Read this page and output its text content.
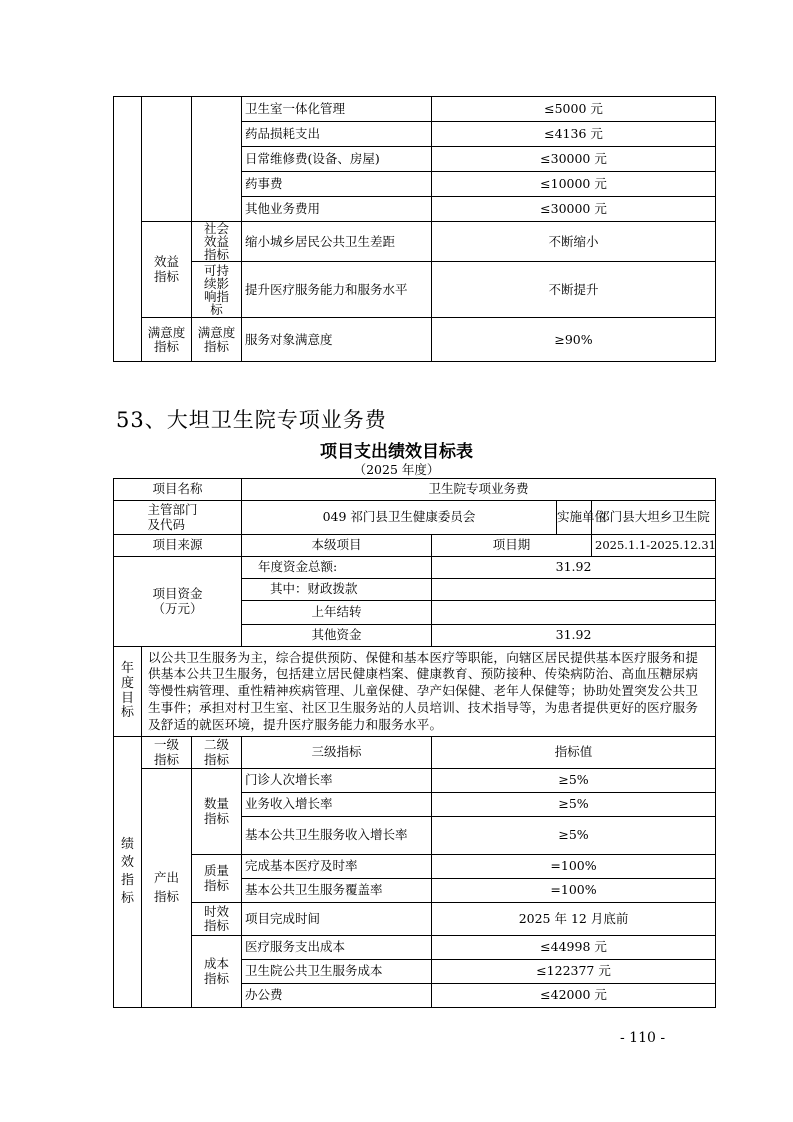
			卫生室一体化管理	≤5000 元
			药品损耗支出	≤4136 元
			日常维修费(设备、房屋)	≤30000 元
			药事费	≤10000 元
			其他业务费用	≤30000 元

	效益指标	社会效益指标	缩小城乡居民公共卫生差距	不断缩小

		可持续影响指标	提升医疗服务能力和服务水平	不断提升

	满意度指标	满意度指标	服务对象满意度	≥90%
53、大坦卫生院专项业务费
项目支出绩效目标表
（2025 年度）
项目名称			卫生院专项业务费			

主管部门及代码			049 祁门县卫生健康委员会		实施单位	祁门县大坦乡卫生院
项目来源			本级项目	项目期		2025.1.1-2025.12.31

项目资金（万元）			年度资金总额:	31.92		
			其中：财政拨款			
			上年结转			
			其他资金	31.92		

年度目标	以公共卫生服务为主，综合提供预防、保健和基本医疗等职能，向辖区居民提供基本医疗服务和提供基本公共卫生服务，包括建立居民健康档案、健康教育、预防接种、传染病防治、高血压糖尿病等慢性病管理、重性精神疾病管理、儿童保健、孕产妇保健、老年人保健等；协助处置突发公共卫生事件；承担对村卫生室、社区卫生服务站的人员培训、技术指导等，为患者提供更好的医疗服务及舒适的就医环境，提升医疗服务能力和服务水平。					

绩效指标	一级指标	二级指标	三级指标	指标值		

	产出指标	数量指标	门诊人次增长率	≥5%		
			业务收入增长率	≥5%		
			基本公共卫生服务收入增长率	≥5%		

		质量指标	完成基本医疗及时率	=100%		
			基本公共卫生服务覆盖率	=100%		

		时效指标	项目完成时间	2025 年 12 月底前		

		成本指标	医疗服务支出成本	≤44998 元		
			卫生院公共卫生服务成本	≤122377 元		
			办公费	≤42000 元		
- 110 -
